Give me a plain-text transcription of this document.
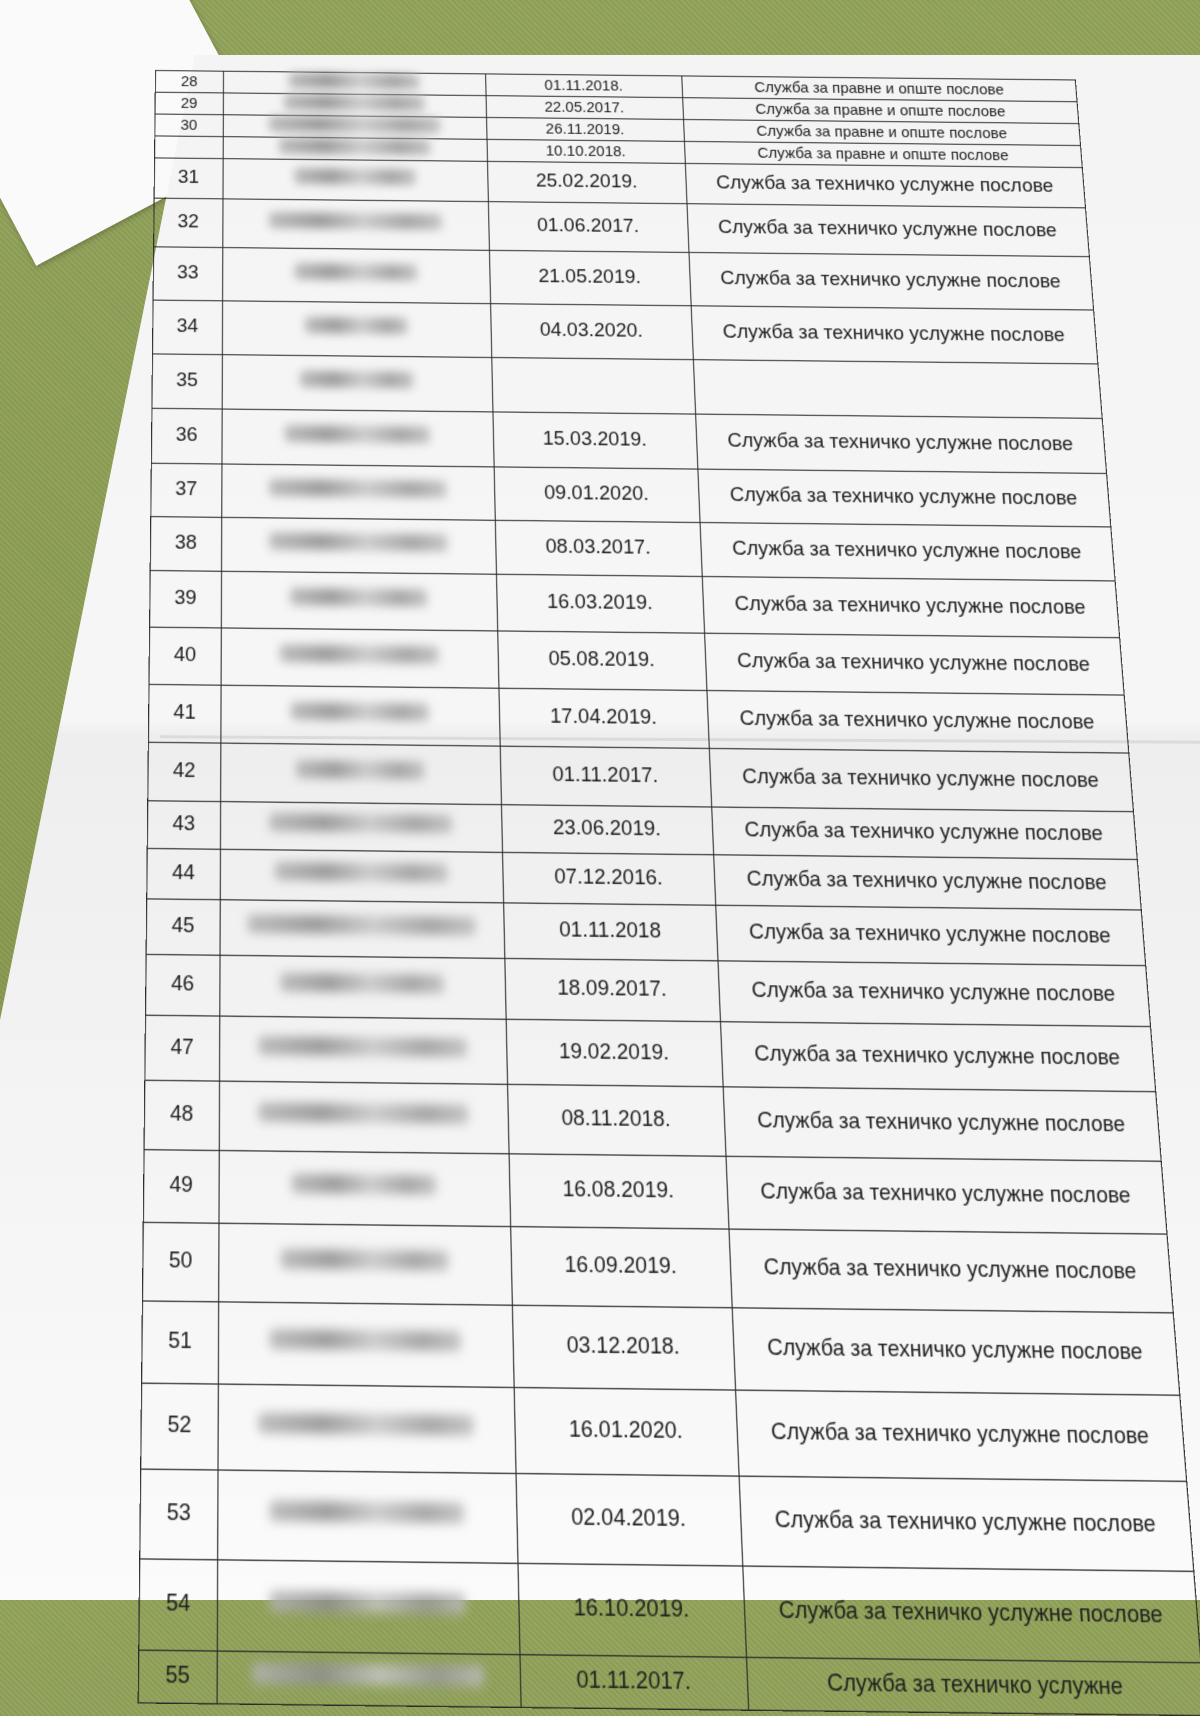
28		01.11.2018.	Служба за правне и опште послове
29		22.05.2017.	Служба за правне и опште послове
30		26.11.2019.	Служба за правне и опште послове
		10.10.2018.	Служба за правне и опште послове
31		25.02.2019.	Служба за техничко услужне послове
32		01.06.2017.	Служба за техничко услужне послове
33		21.05.2019.	Служба за техничко услужне послове
34		04.03.2020.	Служба за техничко услужне послове
35			
36		15.03.2019.	Служба за техничко услужне послове
37		09.01.2020.	Служба за техничко услужне послове
38		08.03.2017.	Служба за техничко услужне послове
39		16.03.2019.	Служба за техничко услужне послове
40		05.08.2019.	Служба за техничко услужне послове
41		17.04.2019.	Служба за техничко услужне послове
42		01.11.2017.	Служба за техничко услужне послове
43		23.06.2019.	Служба за техничко услужне послове
44		07.12.2016.	Служба за техничко услужне послове
45		01.11.2018	Служба за техничко услужне послове
46		18.09.2017.	Служба за техничко услужне послове
47		19.02.2019.	Служба за техничко услужне послове
48		08.11.2018.	Служба за техничко услужне послове
49		16.08.2019.	Служба за техничко услужне послове
50		16.09.2019.	Служба за техничко услужне послове
51		03.12.2018.	Служба за техничко услужне послове
52		16.01.2020.	Служба за техничко услужне послове
53		02.04.2019.	Служба за техничко услужне послове
54		16.10.2019.	Служба за техничко услужне послове
55		01.11.2017.	Служба за техничко услужне
